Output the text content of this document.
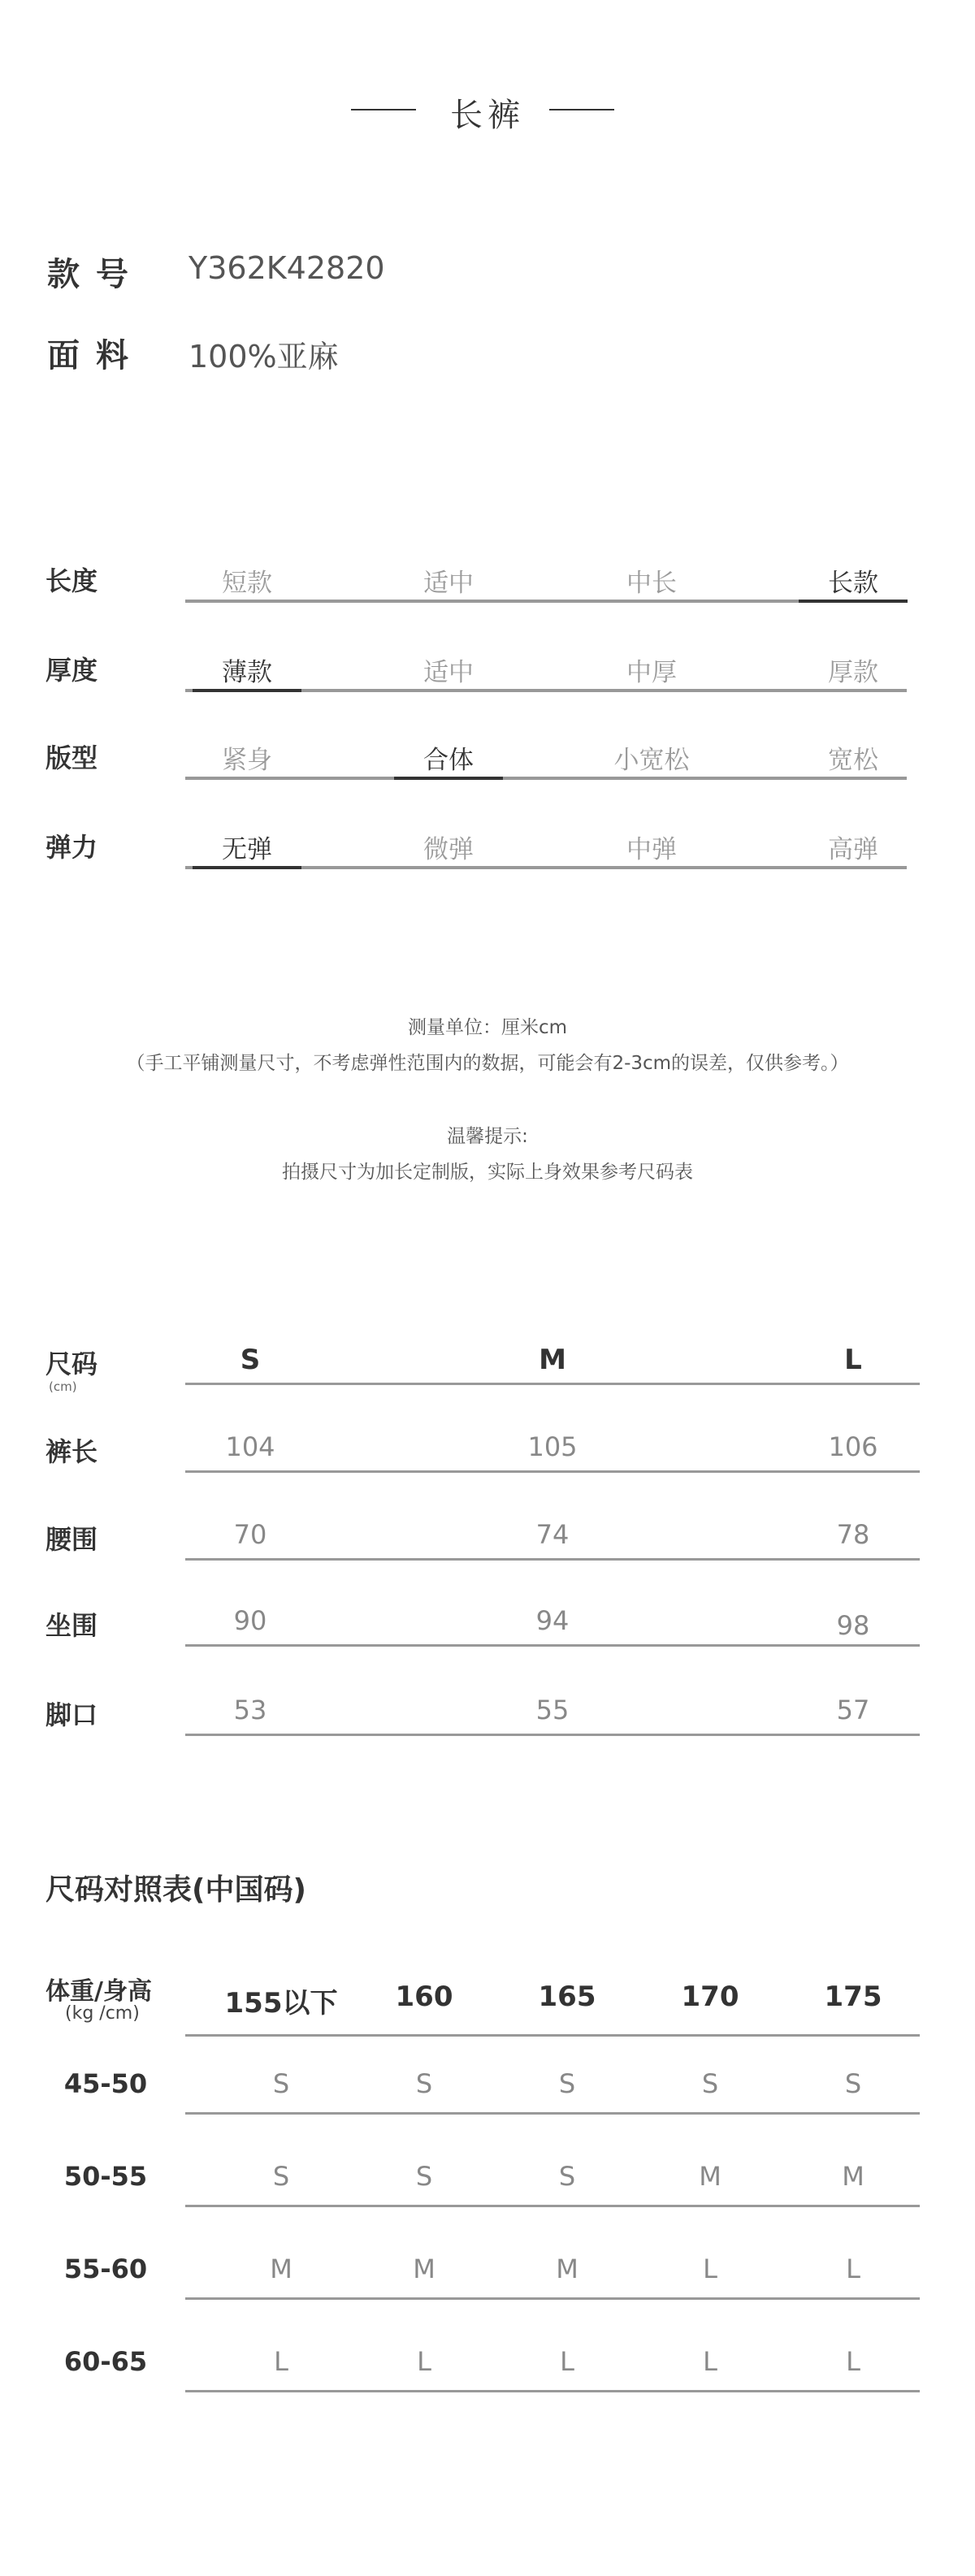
长裤
款号 Y362K42820
面料 100%亚麻
长度	短款	适中	中长	长款
厚度	薄款	适中	中厚	厚款
版型	紧身	合体	小宽松	宽松
弹力	无弹	微弹	中弹	高弹
测量单位：厘米cm
（手工平铺测量尺寸，不考虑弹性范围内的数据，可能会有2-3cm的误差，仅供参考。）
温馨提示:
拍摄尺寸为加长定制版，实际上身效果参考尺码表
尺码
(cm)
S	M	L
裤长	104	105	106
腰围	70	74	78
坐围	90	94	98
脚口	53	55	57
尺码对照表(中国码)
体重/身高
(kg /cm)	155以下	160	165	170	175
45-50	S	S	S	S	S
50-55	S	S	S	M	M
55-60	M	M	M	L	L
60-65	L	L	L	L	L
